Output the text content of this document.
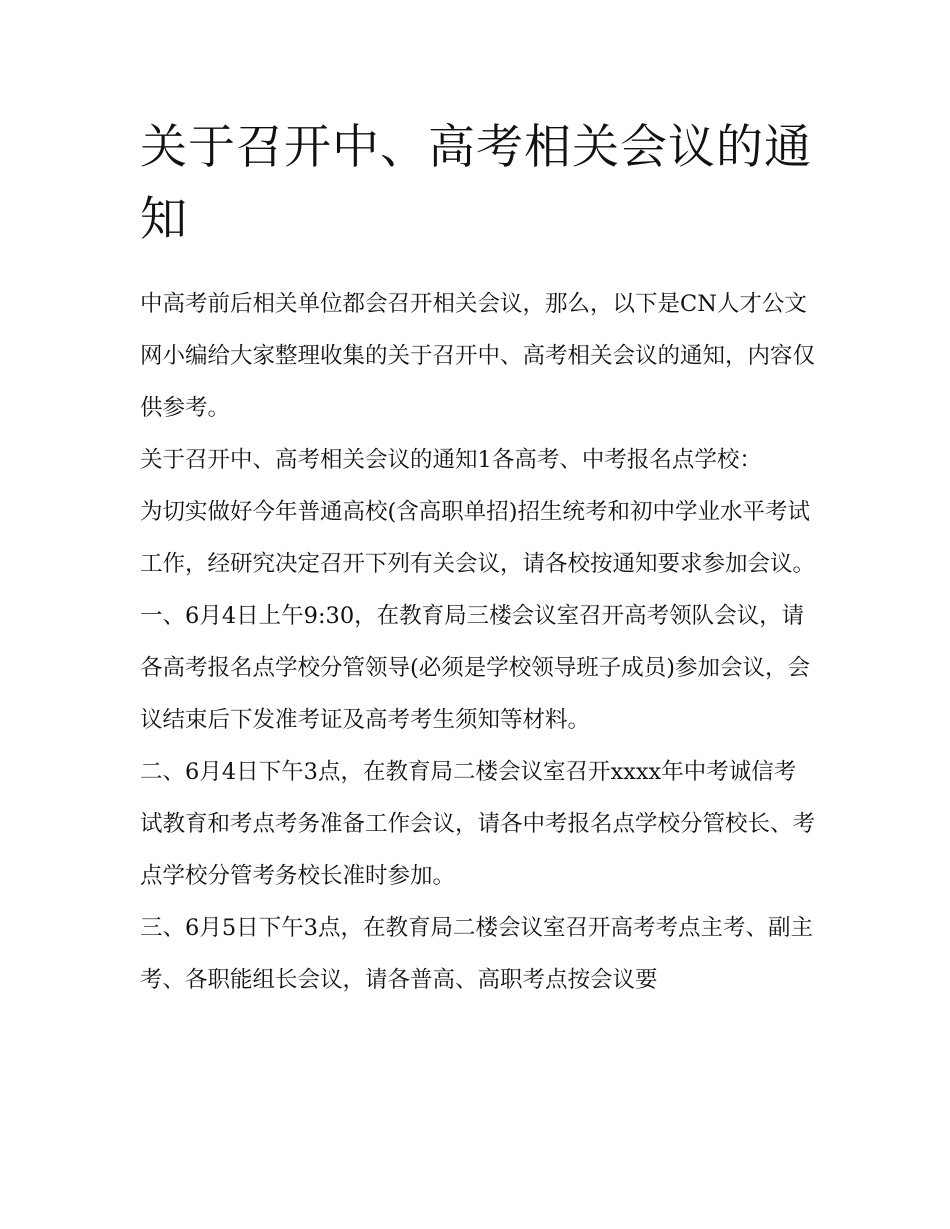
关于召开中、高考相关会议的通知

中高考前后相关单位都会召开相关会议，那么，以下是CN人才公文网小编给大家整理收集的关于召开中、高考相关会议的通知，内容仅供参考。

关于召开中、高考相关会议的通知1各高考、中考报名点学校：

为切实做好今年普通高校(含高职单招)招生统考和初中学业水平考试工作，经研究决定召开下列有关会议，请各校按通知要求参加会议。

一、6月4日上午9:30，在教育局三楼会议室召开高考领队会议，请各高考报名点学校分管领导(必须是学校领导班子成员)参加会议，会议结束后下发准考证及高考考生须知等材料。

二、6月4日下午3点，在教育局二楼会议室召开xxxx年中考诚信考试教育和考点考务准备工作会议，请各中考报名点学校分管校长、考点学校分管考务校长准时参加。

三、6月5日下午3点，在教育局二楼会议室召开高考考点主考、副主考、各职能组长会议，请各普高、高职考点按会议要
